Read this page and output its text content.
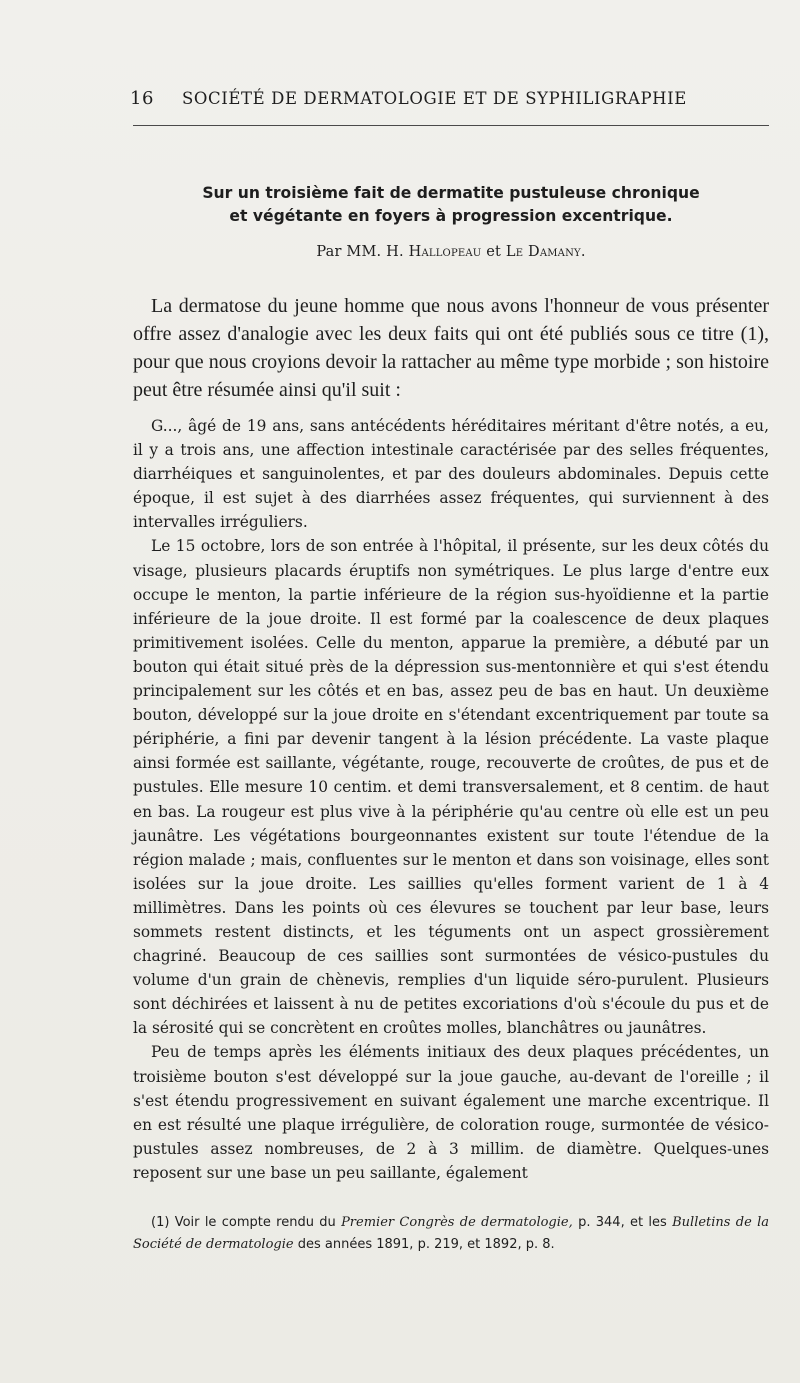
16	SOCIÉTÉ DE DERMATOLOGIE ET DE SYPHILIGRAPHIE
Sur un troisième fait de dermatite pustuleuse chronique
et végétante en foyers à progression excentrique.
Par MM. H. Hallopeau et Le Damany.

La dermatose du jeune homme que nous avons l'honneur de vous présenter offre assez d'analogie avec les deux faits qui ont été publiés sous ce titre (1), pour que nous croyions devoir la rattacher au même type morbide ; son histoire peut être résumée ainsi qu'il suit :

G..., âgé de 19 ans, sans antécédents héréditaires méritant d'être notés, a eu, il y a trois ans, une affection intestinale caractérisée par des selles fréquentes, diarrhéiques et sanguinolentes, et par des douleurs abdominales. Depuis cette époque, il est sujet à des diarrhées assez fréquentes, qui surviennent à des intervalles irréguliers.

Le 15 octobre, lors de son entrée à l'hôpital, il présente, sur les deux côtés du visage, plusieurs placards éruptifs non symétriques. Le plus large d'entre eux occupe le menton, la partie inférieure de la région sus-hyoïdienne et la partie inférieure de la joue droite. Il est formé par la coalescence de deux plaques primitivement isolées. Celle du menton, apparue la première, a débuté par un bouton qui était situé près de la dépression sus-mentonnière et qui s'est étendu principalement sur les côtés et en bas, assez peu de bas en haut. Un deuxième bouton, développé sur la joue droite en s'étendant excentriquement par toute sa périphérie, a fini par devenir tangent à la lésion précédente. La vaste plaque ainsi formée est saillante, végétante, rouge, recouverte de croûtes, de pus et de pustules. Elle mesure 10 centim. et demi transversalement, et 8 centim. de haut en bas. La rougeur est plus vive à la périphérie qu'au centre où elle est un peu jaunâtre. Les végétations bourgeonnantes existent sur toute l'étendue de la région malade ; mais, confluentes sur le menton et dans son voisinage, elles sont isolées sur la joue droite. Les saillies qu'elles forment varient de 1 à 4 millimètres. Dans les points où ces élevures se touchent par leur base, leurs sommets restent distincts, et les téguments ont un aspect grossièrement chagriné. Beaucoup de ces saillies sont surmontées de vésico-pustules du volume d'un grain de chènevis, remplies d'un liquide séro-purulent. Plusieurs sont déchirées et laissent à nu de petites excoriations d'où s'écoule du pus et de la sérosité qui se concrètent en croûtes molles, blanchâtres ou jaunâtres.

Peu de temps après les éléments initiaux des deux plaques précédentes, un troisième bouton s'est développé sur la joue gauche, au-devant de l'oreille ; il s'est étendu progressivement en suivant également une marche excentrique. Il en est résulté une plaque irrégulière, de coloration rouge, surmontée de vésico-pustules assez nombreuses, de 2 à 3 millim. de diamètre. Quelques-unes reposent sur une base un peu saillante, également

(1) Voir le compte rendu du Premier Congrès de dermatologie, p. 344, et les Bulletins de la Société de dermatologie des années 1891, p. 219, et 1892, p. 8.
